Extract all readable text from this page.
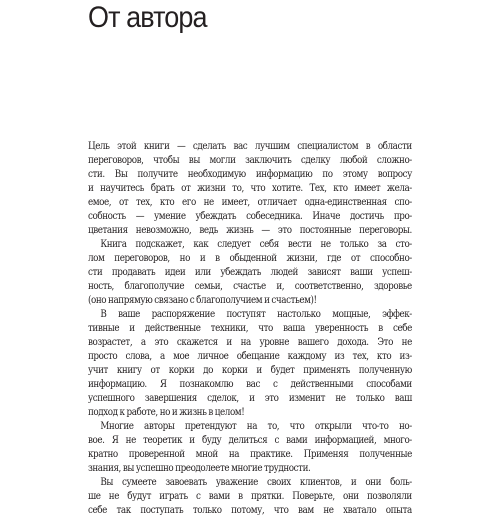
От автора
Цель этой книги — сделать вас лучшим специалистом в области
переговоров, чтобы вы могли заключить сделку любой сложно-
сти. Вы получите необходимую информацию по этому вопросу
и научитесь брать от жизни то, что хотите. Тех, кто имеет жела-
емое, от тех, кто его не имеет, отличает одна-единственная спо-
собность — умение убеждать собеседника. Иначе достичь про-
цветания невозможно, ведь жизнь — это постоянные переговоры.
Книга подскажет, как следует себя вести не только за сто-
лом переговоров, но и в обыденной жизни, где от способно-
сти продавать идеи или убеждать людей зависят ваши успеш-
ность, благополучие семьи, счастье и, соответственно, здоровье
(оно напрямую связано с благополучием и счастьем)!
В ваше распоряжение поступят настолько мощные, эффек-
тивные и действенные техники, что ваша уверенность в себе
возрастет, а это скажется и на уровне вашего дохода. Это не
просто слова, а мое личное обещание каждому из тех, кто из-
учит книгу от корки до корки и будет применять полученную
информацию. Я познакомлю вас с действенными способами
успешного завершения сделок, и это изменит не только ваш
подход к работе, но и жизнь в целом!
Многие авторы претендуют на то, что открыли что-то но-
вое. Я не теоретик и буду делиться с вами информацией, много-
кратно проверенной мной на практике. Применяя полученные
знания, вы успешно преодолеете многие трудности.
Вы сумеете завоевать уважение своих клиентов, и они боль-
ше не будут играть с вами в прятки. Поверьте, они позволяли
себе так поступать только потому, что вам не хватало опыта
